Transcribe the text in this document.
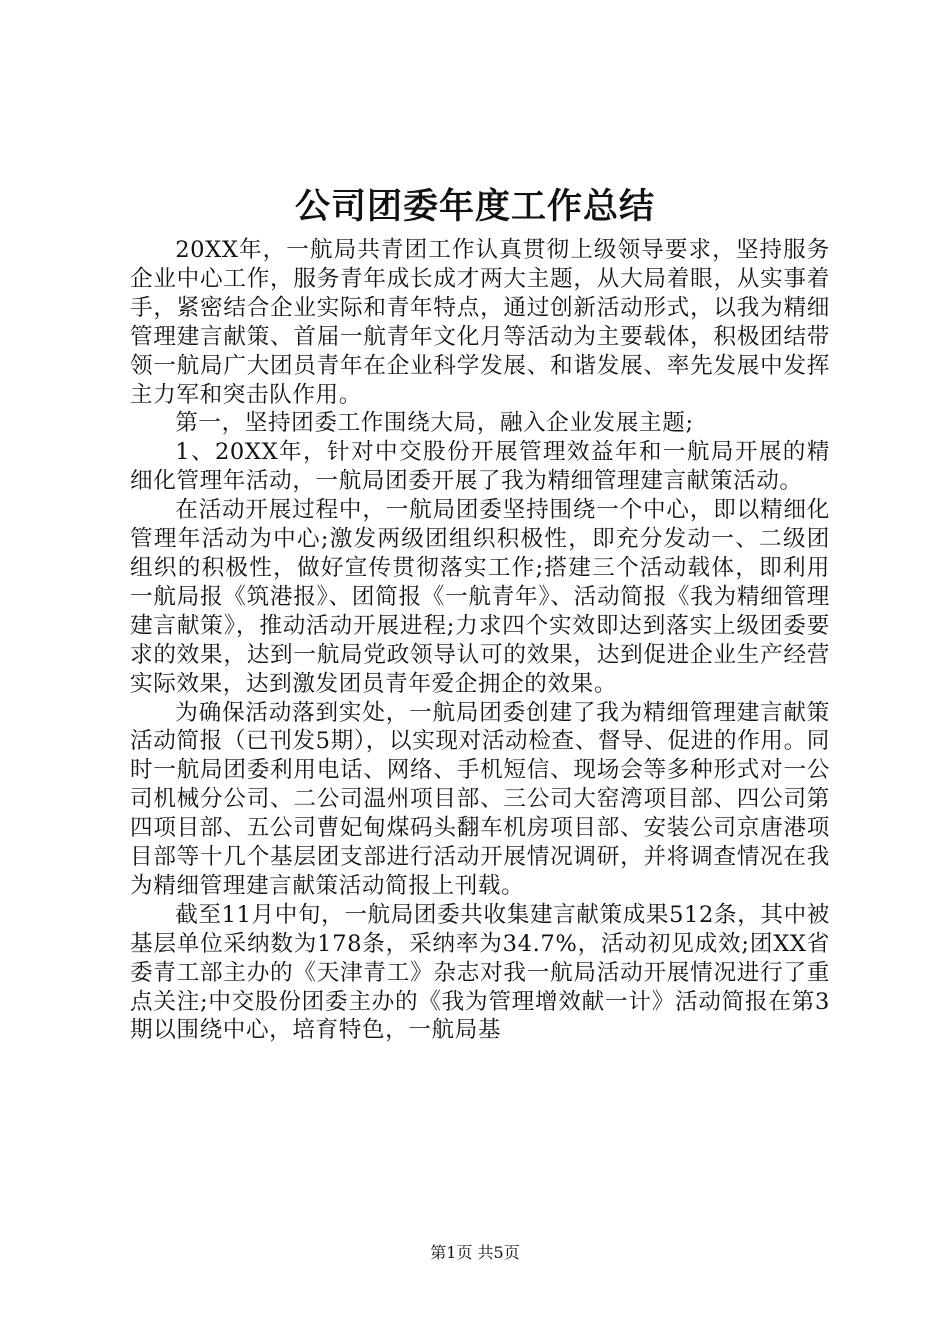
公司团委年度工作总结

20XX年，一航局共青团工作认真贯彻上级领导要求，坚持服务企业中心工作，服务青年成长成才两大主题，从大局着眼，从实事着手，紧密结合企业实际和青年特点，通过创新活动形式，以我为精细管理建言献策、首届一航青年文化月等活动为主要载体，积极团结带领一航局广大团员青年在企业科学发展、和谐发展、率先发展中发挥主力军和突击队作用。

第一，坚持团委工作围绕大局，融入企业发展主题;

1、20XX年，针对中交股份开展管理效益年和一航局开展的精细化管理年活动，一航局团委开展了我为精细管理建言献策活动。

在活动开展过程中，一航局团委坚持围绕一个中心，即以精细化管理年活动为中心;激发两级团组织积极性，即充分发动一、二级团组织的积极性，做好宣传贯彻落实工作;搭建三个活动载体，即利用一航局报《筑港报》、团简报《一航青年》、活动简报《我为精细管理建言献策》，推动活动开展进程;力求四个实效即达到落实上级团委要求的效果，达到一航局党政领导认可的效果，达到促进企业生产经营实际效果，达到激发团员青年爱企拥企的效果。

为确保活动落到实处，一航局团委创建了我为精细管理建言献策活动简报（已刊发5期），以实现对活动检查、督导、促进的作用。同时一航局团委利用电话、网络、手机短信、现场会等多种形式对一公司机械分公司、二公司温州项目部、三公司大窑湾项目部、四公司第四项目部、五公司曹妃甸煤码头翻车机房项目部、安装公司京唐港项目部等十几个基层团支部进行活动开展情况调研，并将调查情况在我为精细管理建言献策活动简报上刊载。

截至11月中旬，一航局团委共收集建言献策成果512条，其中被基层单位采纳数为178条，采纳率为34.7%，活动初见成效;团XX省委青工部主办的《天津青工》杂志对我一航局活动开展情况进行了重点关注;中交股份团委主办的《我为管理增效献一计》活动简报在第3期以围绕中心，培育特色，一航局基

第1页 共5页
